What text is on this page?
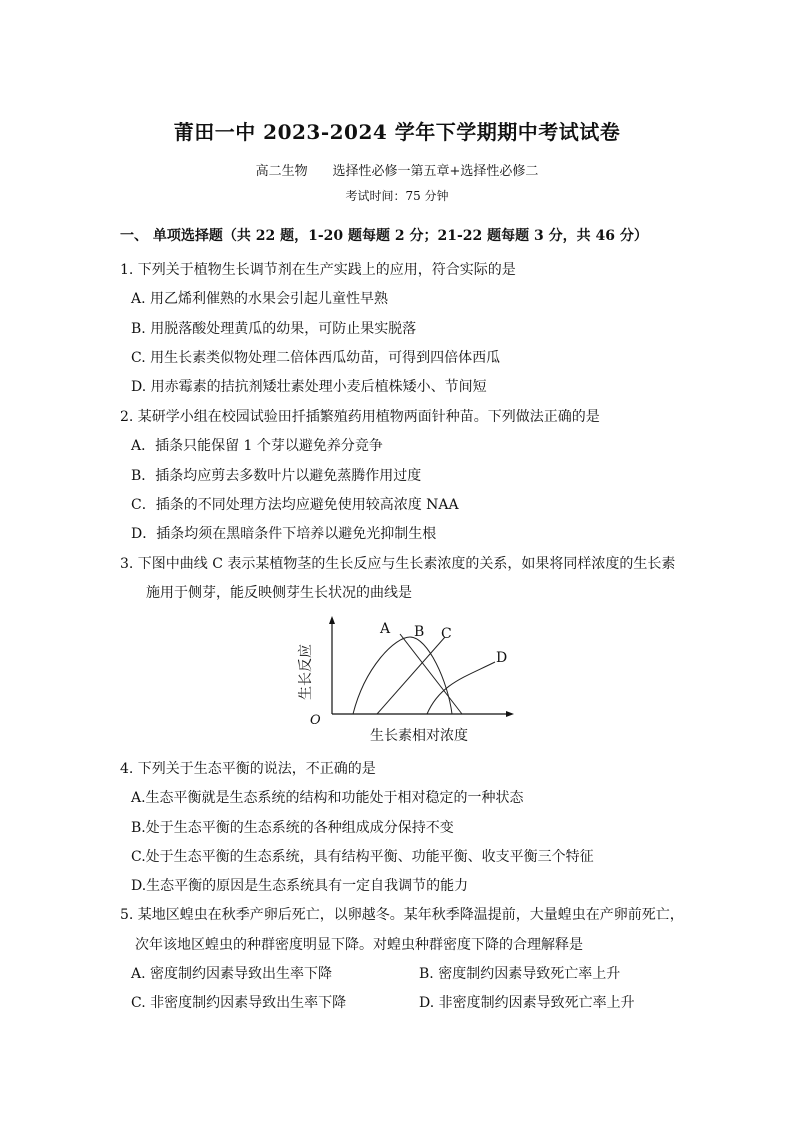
莆田一中 2023-2024 学年下学期期中考试试卷
高二生物      选择性必修一第五章+选择性必修二
考试时间：75 分钟
一、 单项选择题（共 22 题，1-20 题每题 2 分；21-22 题每题 3 分，共 46 分）
1. 下列关于植物生长调节剂在生产实践上的应用，符合实际的是
A. 用乙烯利催熟的水果会引起儿童性早熟
B. 用脱落酸处理黄瓜的幼果，可防止果实脱落
C. 用生长素类似物处理二倍体西瓜幼苗，可得到四倍体西瓜
D. 用赤霉素的拮抗剂矮壮素处理小麦后植株矮小、节间短
2. 某研学小组在校园试验田扦插繁殖药用植物两面针种苗。下列做法正确的是
A．插条只能保留 1 个芽以避免养分竞争
B．插条均应剪去多数叶片以避免蒸腾作用过度
C．插条的不同处理方法均应避免使用较高浓度 NAA
D．插条均须在黑暗条件下培养以避免光抑制生根
3. 下图中曲线 C 表示某植物茎的生长反应与生长素浓度的关系，如果将同样浓度的生长素
施用于侧芽，能反映侧芽生长状况的曲线是
O
生长反应
生长素相对浓度
A B C
D
4. 下列关于生态平衡的说法，不正确的是
A.生态平衡就是生态系统的结构和功能处于相对稳定的一种状态
B.处于生态平衡的生态系统的各种组成成分保持不变
C.处于生态平衡的生态系统，具有结构平衡、功能平衡、收支平衡三个特征
D.生态平衡的原因是生态系统具有一定自我调节的能力
5. 某地区蝗虫在秋季产卵后死亡，以卵越冬。某年秋季降温提前，大量蝗虫在产卵前死亡，
次年该地区蝗虫的种群密度明显下降。对蝗虫种群密度下降的合理解释是
A. 密度制约因素导致出生率下降	B. 密度制约因素导致死亡率上升
C. 非密度制约因素导致出生率下降	D. 非密度制约因素导致死亡率上升
